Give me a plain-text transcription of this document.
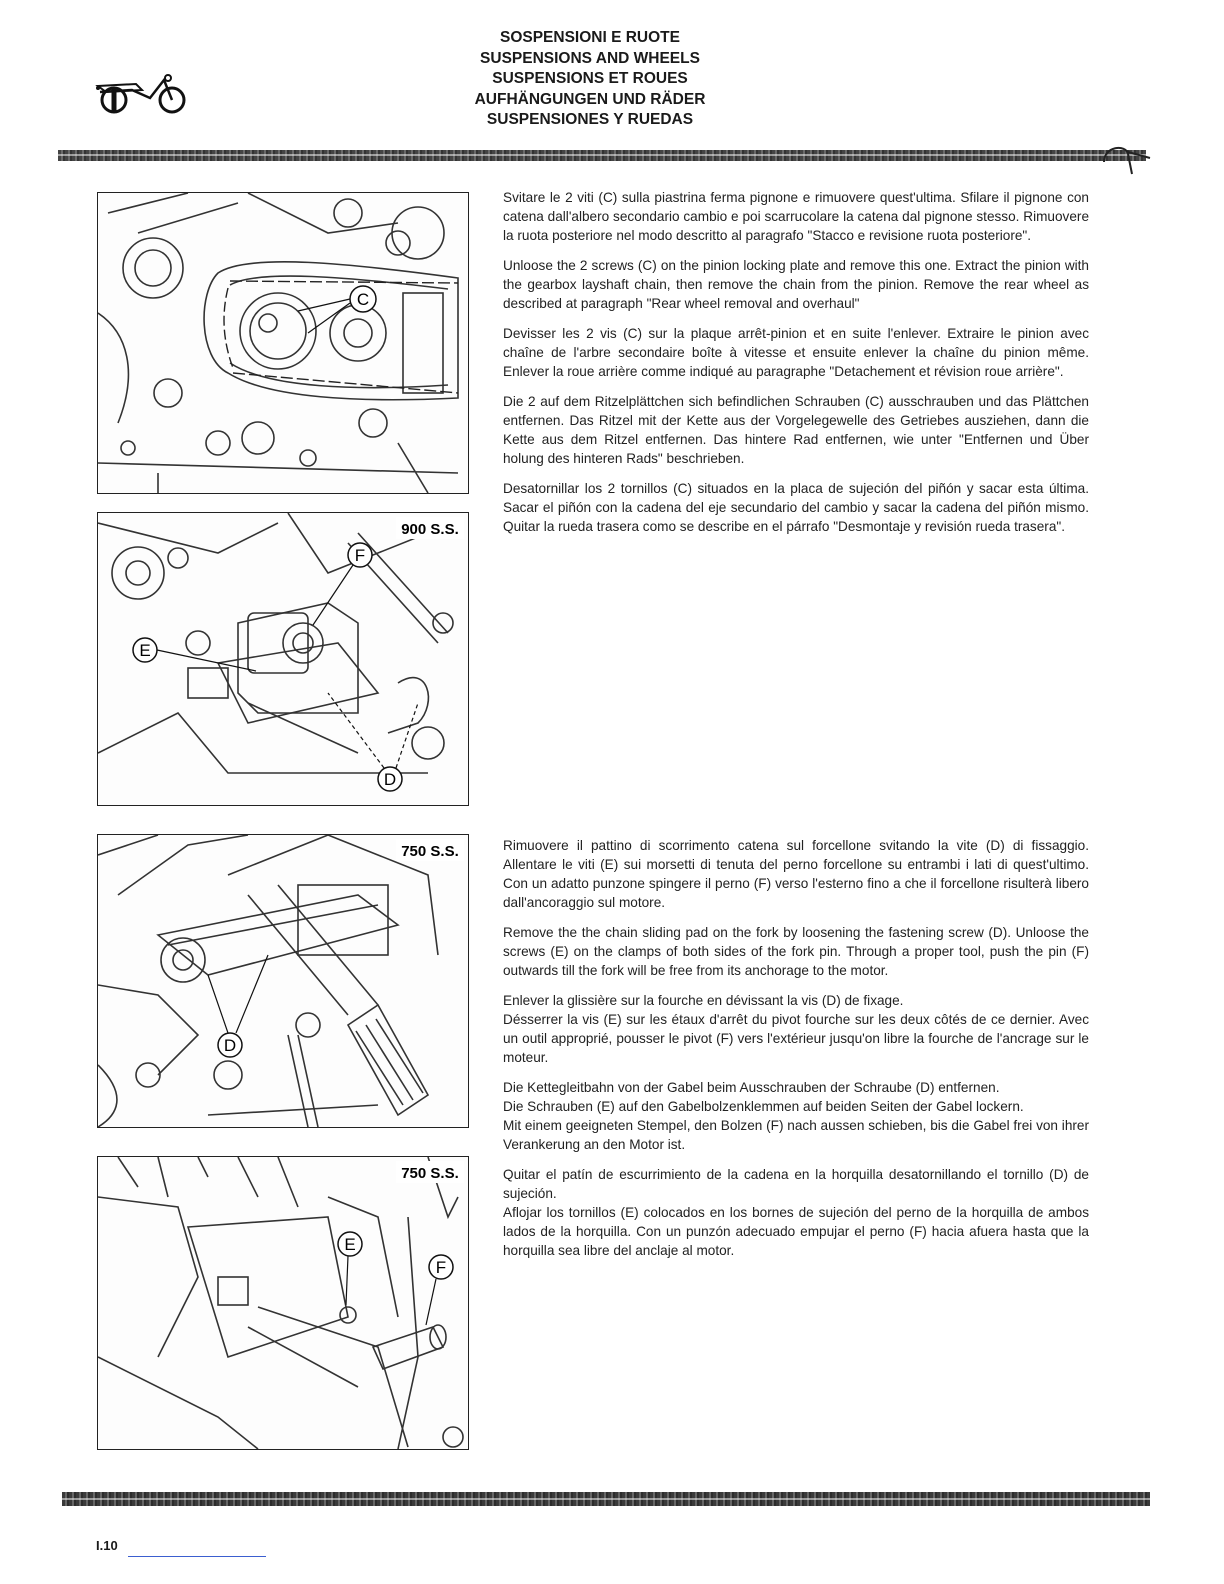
SOSPENSIONI E RUOTE
SUSPENSIONS AND WHEELS
SUSPENSIONS ET ROUES
AUFHÄNGUNGEN UND RÄDER
SUSPENSIONES Y RUEDAS
C
900 S.S.
F
E
D
750 S.S.
D
750 S.S.
E
F

Svitare le 2 viti (C) sulla piastrina ferma pignone e rimuovere quest'ultima. Sfilare il pignone con catena dall'albero secondario cambio e poi scarrucolare la catena dal pignone stesso. Rimuovere la ruota posteriore nel modo descritto al paragrafo "Stacco e revisione ruota posteriore".

Unloose the 2 screws (C) on the pinion locking plate and remove this one. Extract the pinion with the gearbox layshaft chain, then remove the chain from the pinion. Remove the rear wheel as described at paragraph "Rear wheel removal and overhaul"

Devisser les 2 vis (C) sur la plaque arrêt-pinion et en suite l'enlever. Extraire le pinion avec chaîne de l'arbre secondaire boîte à vitesse et ensuite enlever la chaîne du pinion même. Enlever la roue arrière comme indiqué au paragraphe "Detachement et révision roue arrière".

Die 2 auf dem Ritzelplättchen sich befindlichen Schrauben (C) ausschrauben und das Plättchen entfernen. Das Ritzel mit der Kette aus der Vorgelegewelle des Getriebes ausziehen, dann die Kette aus dem Ritzel entfernen. Das hintere Rad entfernen, wie unter "Entfernen und Über holung des hinteren Rads" beschrieben.

Desatornillar los 2 tornillos (C) situados en la placa de sujeción del piñón y sacar esta última. Sacar el piñón con la cadena del eje secundario del cambio y sacar la cadena del piñón mismo. Quitar la rueda trasera como se describe en el párrafo "Desmontaje y revisión rueda trasera".

Rimuovere il pattino di scorrimento catena sul forcellone svitando la vite (D) di fissaggio. Allentare le viti (E) sui morsetti di tenuta del perno forcellone su entrambi i lati di quest'ultimo. Con un adatto punzone spingere il perno (F) verso l'esterno fino a che il forcellone risulterà libero dall'ancoraggio sul motore.

Remove the the chain sliding pad on the fork by loosening the fastening screw (D). Unloose the screws (E) on the clamps of both sides of the fork pin. Through a proper tool, push the pin (F) outwards till the fork will be free from its anchorage to the motor.

Enlever la glissière sur la fourche en dévissant la vis (D) de fixage.

Désserrer la vis (E) sur les étaux d'arrêt du pivot fourche sur les deux côtés de ce dernier. Avec un outil approprié, pousser le pivot (F) vers l'extérieur jusqu'on libre la fourche de l'ancrage sur le moteur.

Die Kettegleitbahn von der Gabel beim Ausschrauben der Schraube (D) entfernen.

Die Schrauben (E) auf den Gabelbolzenklemmen auf beiden Seiten der Gabel lockern.

Mit einem geeigneten Stempel, den Bolzen (F) nach aussen schieben, bis die Gabel frei von ihrer Verankerung an den Motor ist.

Quitar el patín de escurrimiento de la cadena en la horquilla desatornillando el tornillo (D) de sujeción.

Aflojar los tornillos (E) colocados en los bornes de sujeción del perno de la horquilla de ambos lados de la horquilla. Con un punzón adecuado empujar el perno (F) hacia afuera hasta que la horquilla sea libre del anclaje al motor.

I.10
